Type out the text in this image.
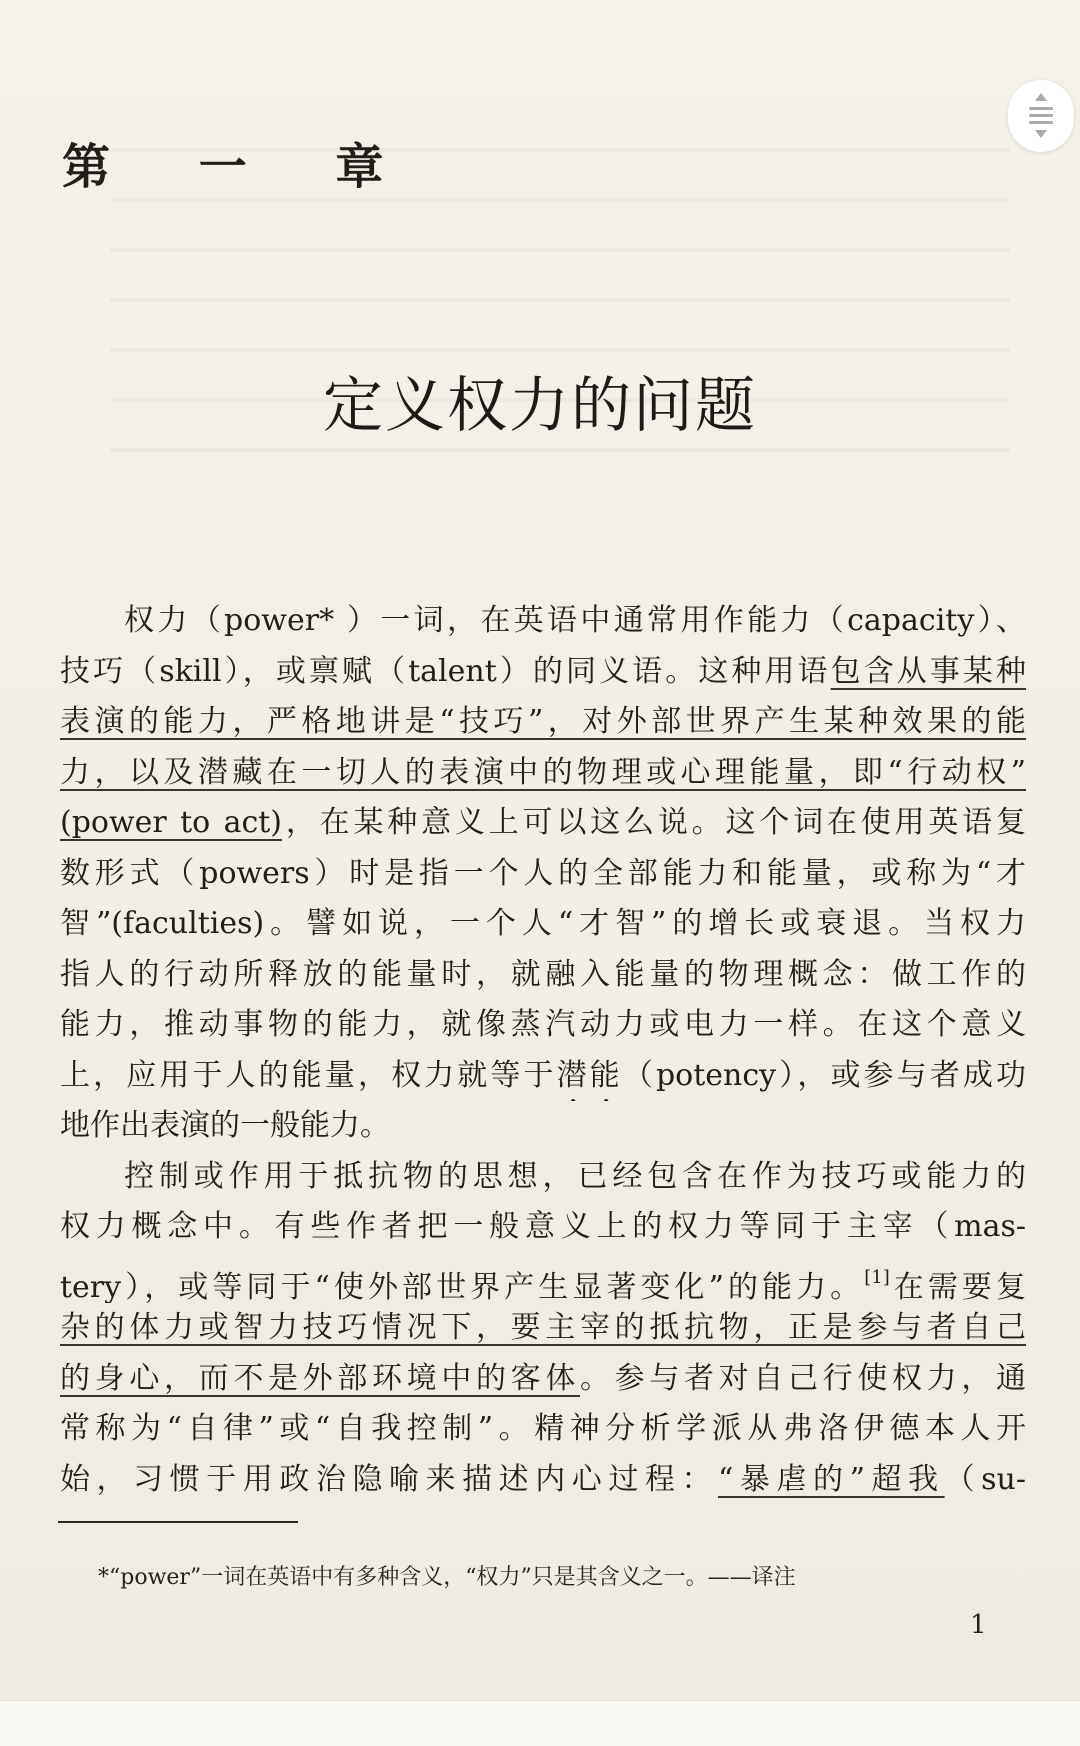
第 一 章
定义权力的问题
权力（power* ）一词，在英语中通常用作能力（capacity）、
技巧（skill），或禀赋（talent）的同义语。这种用语包含从事某种
表演的能力，严格地讲是“技巧”，对外部世界产生某种效果的能
力，以及潜藏在一切人的表演中的物理或心理能量，即“行动权”
(power to act)，在某种意义上可以这么说。这个词在使用英语复
数形式（powers）时是指一个人的全部能力和能量，或称为“才
智”(faculties)。譬如说，一个人“才智”的增长或衰退。当权力
指人的行动所释放的能量时，就融入能量的物理概念：做工作的
能力，推动事物的能力，就像蒸汽动力或电力一样。在这个意义
上，应用于人的能量，权力就等于潜能（potency），或参与者成功
地作出表演的一般能力。
控制或作用于抵抗物的思想，已经包含在作为技巧或能力的
权力概念中。有些作者把一般意义上的权力等同于主宰（mas-
tery），或等同于“使外部世界产生显著变化”的能力。[1]在需要复
杂的体力或智力技巧情况下，要主宰的抵抗物，正是参与者自己
的身心，而不是外部环境中的客体。参与者对自己行使权力，通
常称为“自律”或“自我控制”。精神分析学派从弗洛伊德本人开
始，习惯于用政治隐喻来描述内心过程：“暴虐的”超我（su-
*“power”一词在英语中有多种含义，“权力”只是其含义之一。——译注
1
